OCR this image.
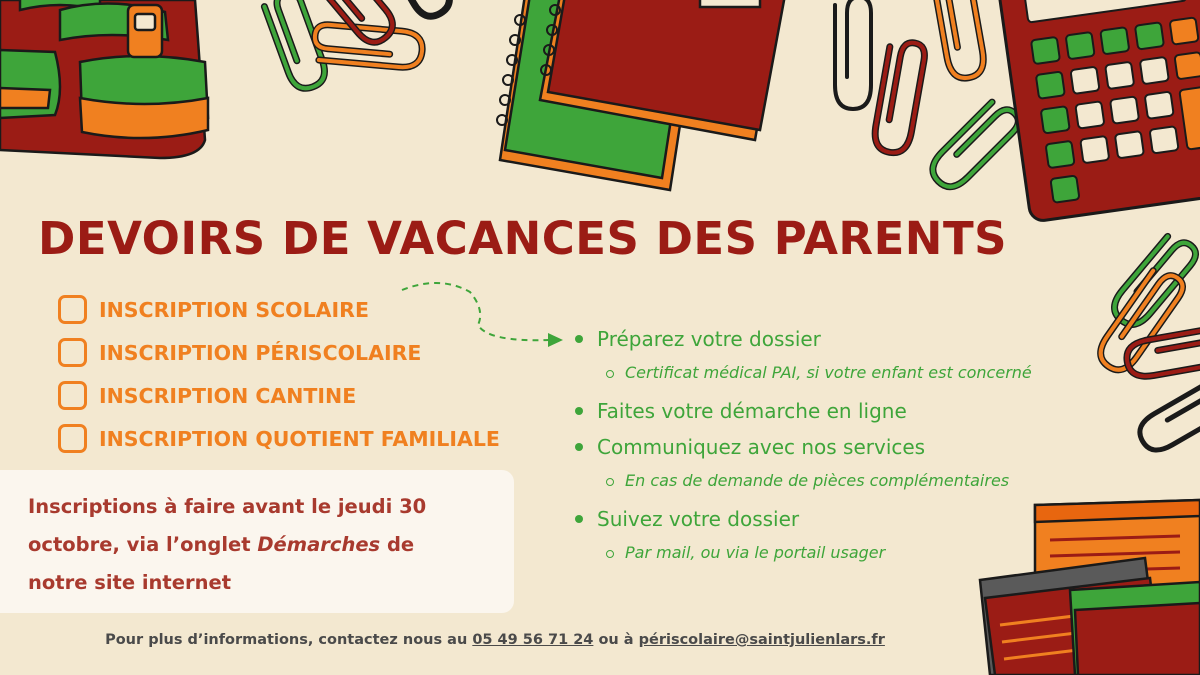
DEVOIRS DE VACANCES DES PARENTS
INSCRIPTION SCOLAIRE
INSCRIPTION PÉRISCOLAIRE
INSCRIPTION CANTINE
INSCRIPTION QUOTIENT FAMILIALE
Préparez votre dossier
Certificat médical PAI, si votre enfant est concerné
Faites votre démarche en ligne
Communiquez avec nos services
En cas de demande de pièces complémentaires
Suivez votre dossier
Par mail, ou via le portail usager
Inscriptions à faire avant le jeudi 30
octobre, via l’onglet Démarches de
notre site internet
Pour plus d’informations, contactez nous au 05 49 56 71 24 ou à périscolaire@saintjulienlars.fr
